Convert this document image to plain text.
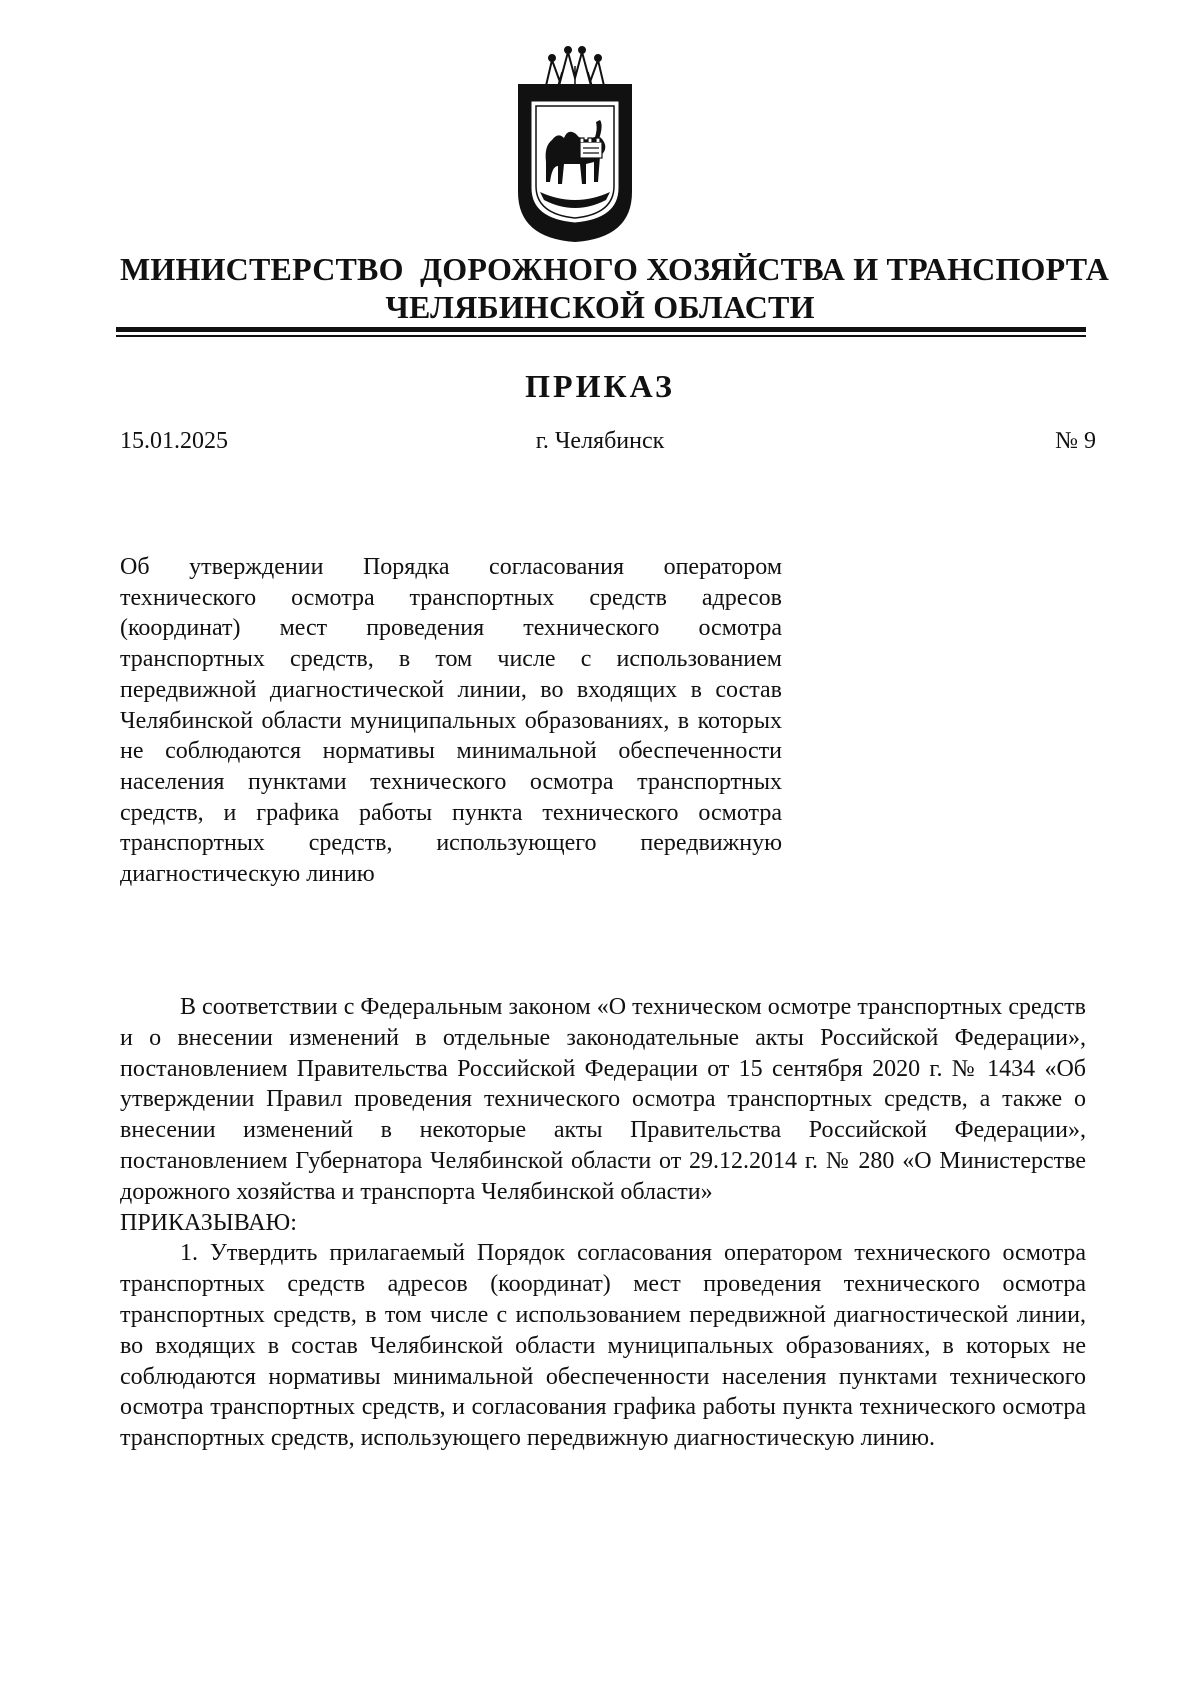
МИНИСТЕРСТВО  ДОРОЖНОГО ХОЗЯЙСТВА И ТРАНСПОРТА
ЧЕЛЯБИНСКОЙ ОБЛАСТИ
ПРИКАЗ
15.01.2025	г. Челябинск	№ 9
Об утверждении Порядка согласования оператором технического осмотра транспортных средств адресов (координат) мест проведения технического осмотра транспортных средств, в том числе с использованием передвижной диагностической линии, во входящих в состав Челябинской области муниципальных образованиях, в которых не соблюдаются нормативы минимальной обеспеченности населения пунктами технического осмотра транспортных средств, и графика работы пункта технического осмотра транспортных средств, использующего передвижную диагностическую линию

В соответствии с Федеральным законом «О техническом осмотре транспортных средств и о внесении изменений в отдельные законодательные акты Российской Федерации», постановлением Правительства Российской Федерации от 15 сентября 2020 г. № 1434 «Об утверждении Правил проведения технического осмотра транспортных средств, а также о внесении изменений в некоторые акты Правительства Российской Федерации», постановлением Губернатора Челябинской области от 29.12.2014 г. № 280 «О Министерстве дорожного хозяйства и транспорта Челябинской области»

ПРИКАЗЫВАЮ:

1. Утвердить прилагаемый Порядок согласования оператором технического осмотра транспортных средств адресов (координат) мест проведения технического осмотра транспортных средств, в том числе с использованием передвижной диагностической линии, во входящих в состав Челябинской области муниципальных образованиях, в которых не соблюдаются нормативы минимальной обеспеченности населения пунктами технического осмотра транспортных средств, и согласования графика работы пункта технического осмотра транспортных средств, использующего передвижную диагностическую линию.
